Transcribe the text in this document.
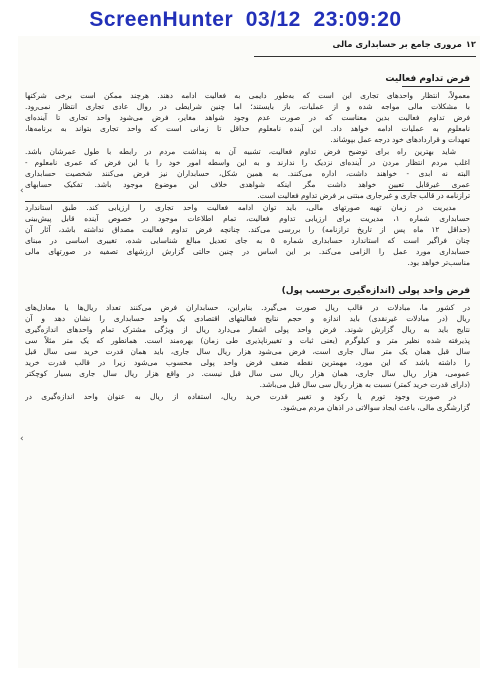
ScreenHunter
03/12
23:09:20
۱۲مروری جامع بر حسابداری مالی
فرض تداوم فعالیت
معمولاً، انتظار واحدهای تجاری این است که به‌طور دایمی به فعالیت ادامه دهند. هرچند ممکن است برخی شرکتها
با مشکلات مالی مواجه شده و از عملیات، باز بایستند؛ اما چنین شرایطی در روال عادی تجاری انتظار نمی‌رود.
فرض تداوم فعالیت بدین معناست که در صورت عدم وجود شواهد مغایر، فرض می‌شود واحد تجاری تا آینده‌ای
نامعلوم به عملیات ادامه خواهد داد. این آینده نامعلوم حداقل تا زمانی است که واحد تجاری بتواند به برنامه‌ها،
تعهدات و قراردادهای خود درجه عمل بپوشاند.
شاید بهترین راه برای توضیح فرض تداوم فعالیت، تشبیه آن به پنداشت مردم در رابطه با طول عمرشان باشد.
اغلب مردم انتظار مردن در آینده‌ای نزدیک را ندارند و به این واسطه امور خود را با این فرض که عمری نامعلوم -
البته نه ابدی - خواهند داشت، اداره می‌کنند. به همین شکل، حسابداران نیز فرض می‌کنند شخصیت حسابداری
عمری غیرقابل تعیین خواهد داشت مگر اینکه شواهدی خلاف این موضوع موجود باشد. تفکیک حسابهای
ترازنامه در قالب جاری و غیرجاری مبتنی بر فرض تداوم فعالیت است.
مدیریت در زمان تهیه صورتهای مالی، باید توان ادامه فعالیت واحد تجاری را ارزیابی کند. طبق استاندارد
حسابداری شماره ۱، مدیریت برای ارزیابی تداوم فعالیت، تمام اطلاعات موجود در خصوص آینده قابل پیش‌بینی
(حداقل ۱۲ ماه پس از تاریخ ترازنامه) را بررسی می‌کند. چنانچه فرض تداوم فعالیت مصداق نداشته باشد، آثار آن
چنان فراگیر است که استاندارد حسابداری شماره ۵ به جای تعدیل مبالغ شناسایی شده، تغییری اساسی در مبنای
حسابداری مورد عمل را الزامی می‌کند. بر این اساس در چنین حالتی گزارش ارزشهای تصفیه در صورتهای مالی
مناسب‌تر خواهد بود.
فرض واحد پولی (اندازه‌گیری برحسب پول)
در کشور ما، مبادلات در قالب ریال صورت می‌گیرد. بنابراین، حسابداران فرض می‌کنند تعداد ریال‌ها یا معادل‌های
ریال (در مبادلات غیرنقدی) باید اندازه و حجم نتایج فعالیتهای اقتصادی یک واحد حسابداری را نشان دهد و آن
نتایج باید به ریال گزارش شوند. فرض واحد پولی اشعار می‌دارد ریال از ویژگی مشترک تمام واحدهای اندازه‌گیری
پذیرفته شده نظیر متر و کیلوگرم (یعنی ثبات و تغییرناپذیری طی زمان) بهره‌مند است. همانطور که یک متر مثلاً سی
سال قبل همان یک متر سال جاری است، فرض می‌شود هزار ریال سال جاری، باید همان قدرت خرید سی سال قبل
را داشته باشد که این مورد، مهمترین نقطه ضعف فرض واحد پولی محسوب می‌شود زیرا در قالب قدرت خرید
عمومی، هزار ریال سال جاری، همان هزار ریال سی سال قبل نیست. در واقع هزار ریال سال جاری بسیار کوچکتر
(دارای قدرت خرید کمتر) نسبت به هزار ریال سی سال قبل می‌باشد.
در صورت وجود تورم یا رکود و تغییر قدرت خرید ریال، استفاده از ریال به عنوان واحد اندازه‌گیری در
گزارشگری مالی، باعث ایجاد سوالاتی در اذهان مردم می‌شود.
‹
‹
